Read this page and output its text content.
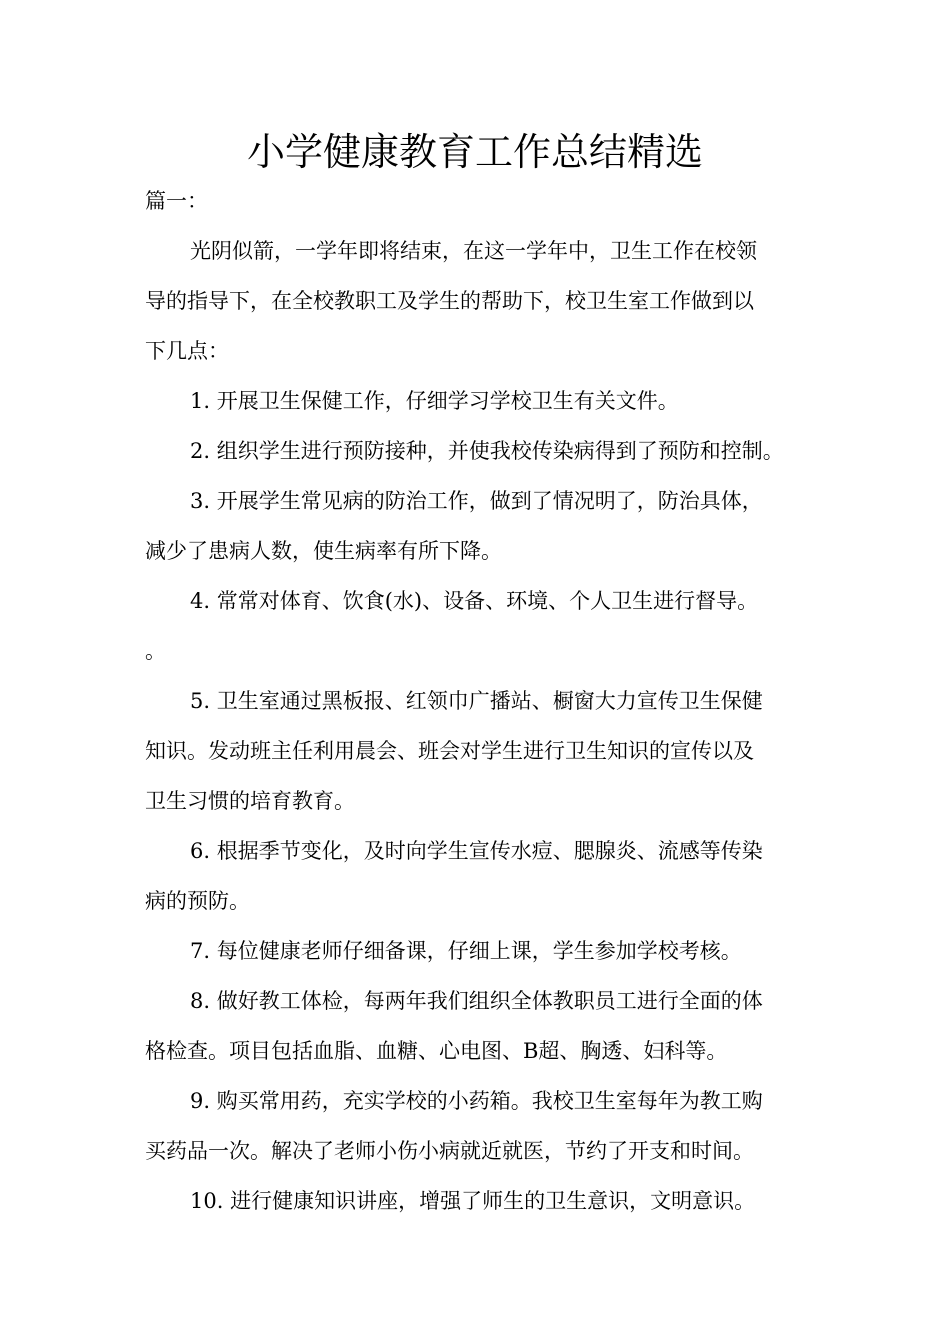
小学健康教育工作总结精选
篇一：
光阴似箭，一学年即将结束，在这一学年中，卫生工作在校领
导的指导下，在全校教职工及学生的帮助下，校卫生室工作做到以
下几点：
1. 开展卫生保健工作，仔细学习学校卫生有关文件。
2. 组织学生进行预防接种，并使我校传染病得到了预防和控制。
3. 开展学生常见病的防治工作，做到了情况明了，防治具体，
减少了患病人数，使生病率有所下降。
4. 常常对体育、饮食(水)、设备、环境、个人卫生进行督导。
。
5. 卫生室通过黑板报、红领巾广播站、橱窗大力宣传卫生保健
知识。发动班主任利用晨会、班会对学生进行卫生知识的宣传以及
卫生习惯的培育教育。
6. 根据季节变化，及时向学生宣传水痘、腮腺炎、流感等传染
病的预防。
7. 每位健康老师仔细备课，仔细上课，学生参加学校考核。
8. 做好教工体检，每两年我们组织全体教职员工进行全面的体
格检查。项目包括血脂、血糖、心电图、B超、胸透、妇科等。
9. 购买常用药，充实学校的小药箱。我校卫生室每年为教工购
买药品一次。解决了老师小伤小病就近就医，节约了开支和时间。
10. 进行健康知识讲座，增强了师生的卫生意识，文明意识。
